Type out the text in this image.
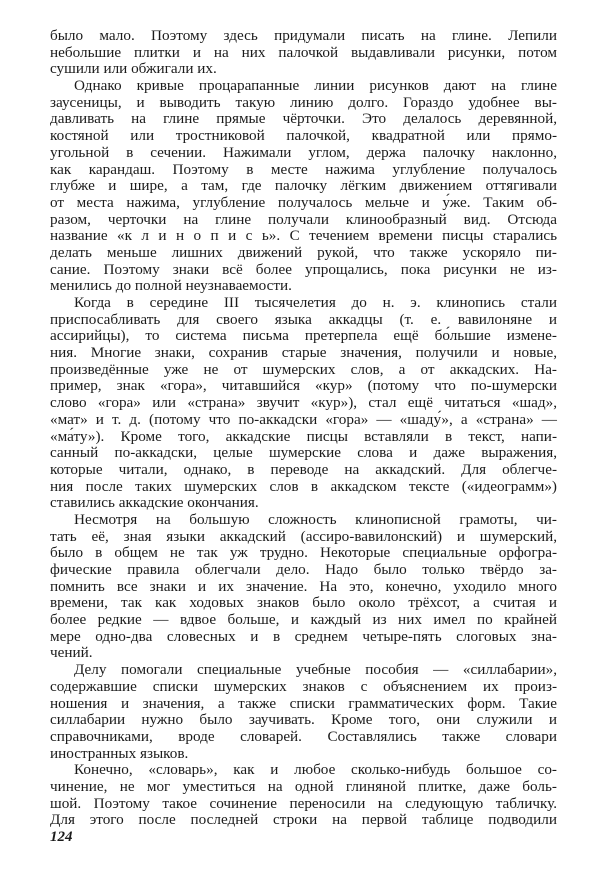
было мало. Поэтому здесь придумали писать на глине. Лепили
небольшие плитки и на них палочкой выдавливали рисунки, потом
сушили или обжигали их.
Однако кривые процарапанные линии рисунков дают на глине
заусеницы, и выводить такую линию долго. Гораздо удобнее вы-
давливать на глине прямые чёрточки. Это делалось деревянной,
костяной или тростниковой палочкой, квадратной или прямо-
угольной в сечении. Нажимали углом, держа палочку наклонно,
как карандаш. Поэтому в месте нажима углубление получалось
глубже и шире, а там, где палочку лёгким движением оттягивали
от места нажима, углубление получалось мельче и у́же. Таким об-
разом, черточки на глине получали клинообразный вид. Отсюда
название «к л и н о п и с ь». С течением времени писцы старались
делать меньше лишних движений рукой, что также ускоряло пи-
сание. Поэтому знаки всё более упрощались, пока рисунки не из-
менились до полной неузнаваемости.
Когда в середине III тысячелетия до н. э. клинопись стали
приспосабливать для своего языка аккадцы (т. е. вавилоняне и
ассирийцы), то система письма претерпела ещё бо́льшие измене-
ния. Многие знаки, сохранив старые значения, получили и новые,
произведённые уже не от шумерских слов, а от аккадских. На-
пример, знак «гора», читавшийся «кур» (потому что по-шумерски
слово «гора» или «страна» звучит «кур»), стал ещё читаться «шад»,
«мат» и т. д. (потому что по-аккадски «гора» — «шаду́», а «страна» —
«ма́ту»). Кроме того, аккадские писцы вставляли в текст, напи-
санный по-аккадски, целые шумерские слова и даже выражения,
которые читали, однако, в переводе на аккадский. Для облегче-
ния после таких шумерских слов в аккадском тексте («идеограмм»)
ставились аккадские окончания.
Несмотря на большую сложность клинописной грамоты, чи-
тать её, зная языки аккадский (ассиро-вавилонский) и шумерский,
было в общем не так уж трудно. Некоторые специальные орфогра-
фические правила облегчали дело. Надо было только твёрдо за-
помнить все знаки и их значение. На это, конечно, уходило много
времени, так как ходовых знаков было около трёхсот, а считая и
более редкие — вдвое больше, и каждый из них имел по крайней
мере одно-два словесных и в среднем четыре-пять слоговых зна-
чений.
Делу помогали специальные учебные пособия — «силлабарии»,
содержавшие списки шумерских знаков с объяснением их произ-
ношения и значения, а также списки грамматических форм. Такие
силлабарии нужно было заучивать. Кроме того, они служили и
справочниками, вроде словарей. Составлялись также словари
иностранных языков.
Конечно, «словарь», как и любое сколько-нибудь большое со-
чинение, не мог уместиться на одной глиняной плитке, даже боль-
шой. Поэтому такое сочинение переносили на следующую табличку.
Для этого после последней строки на первой таблице подводили
124
